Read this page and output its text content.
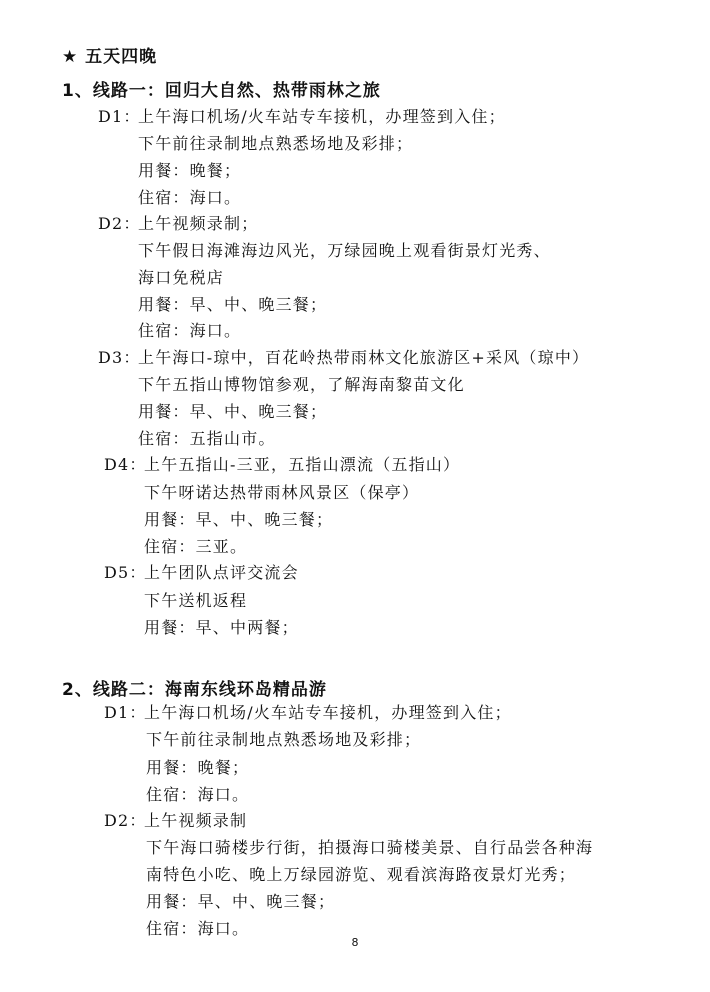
★ 五天四晚
1、线路一：回归大自然、热带雨林之旅
D1：上午海口机场/火车站专车接机，办理签到入住；
下午前往录制地点熟悉场地及彩排；
用餐：晚餐；
住宿：海口。
D2：上午视频录制；
下午假日海滩海边风光，万绿园晚上观看街景灯光秀、
海口免税店
用餐：早、中、晚三餐；
住宿：海口。
D3：上午海口-琼中，百花岭热带雨林文化旅游区+采风（琼中）
下午五指山博物馆参观，了解海南黎苗文化
用餐：早、中、晚三餐；
住宿：五指山市。
D4：上午五指山-三亚，五指山漂流（五指山）
下午呀诺达热带雨林风景区（保亭）
用餐：早、中、晚三餐；
住宿：三亚。
D5：上午团队点评交流会
下午送机返程
用餐：早、中两餐；
2、线路二：海南东线环岛精品游
D1：上午海口机场/火车站专车接机，办理签到入住；
下午前往录制地点熟悉场地及彩排；
用餐：晚餐；
住宿：海口。
D2：上午视频录制
下午海口骑楼步行街，拍摄海口骑楼美景、自行品尝各种海
南特色小吃、晚上万绿园游览、观看滨海路夜景灯光秀；
用餐：早、中、晚三餐；
住宿：海口。
8
